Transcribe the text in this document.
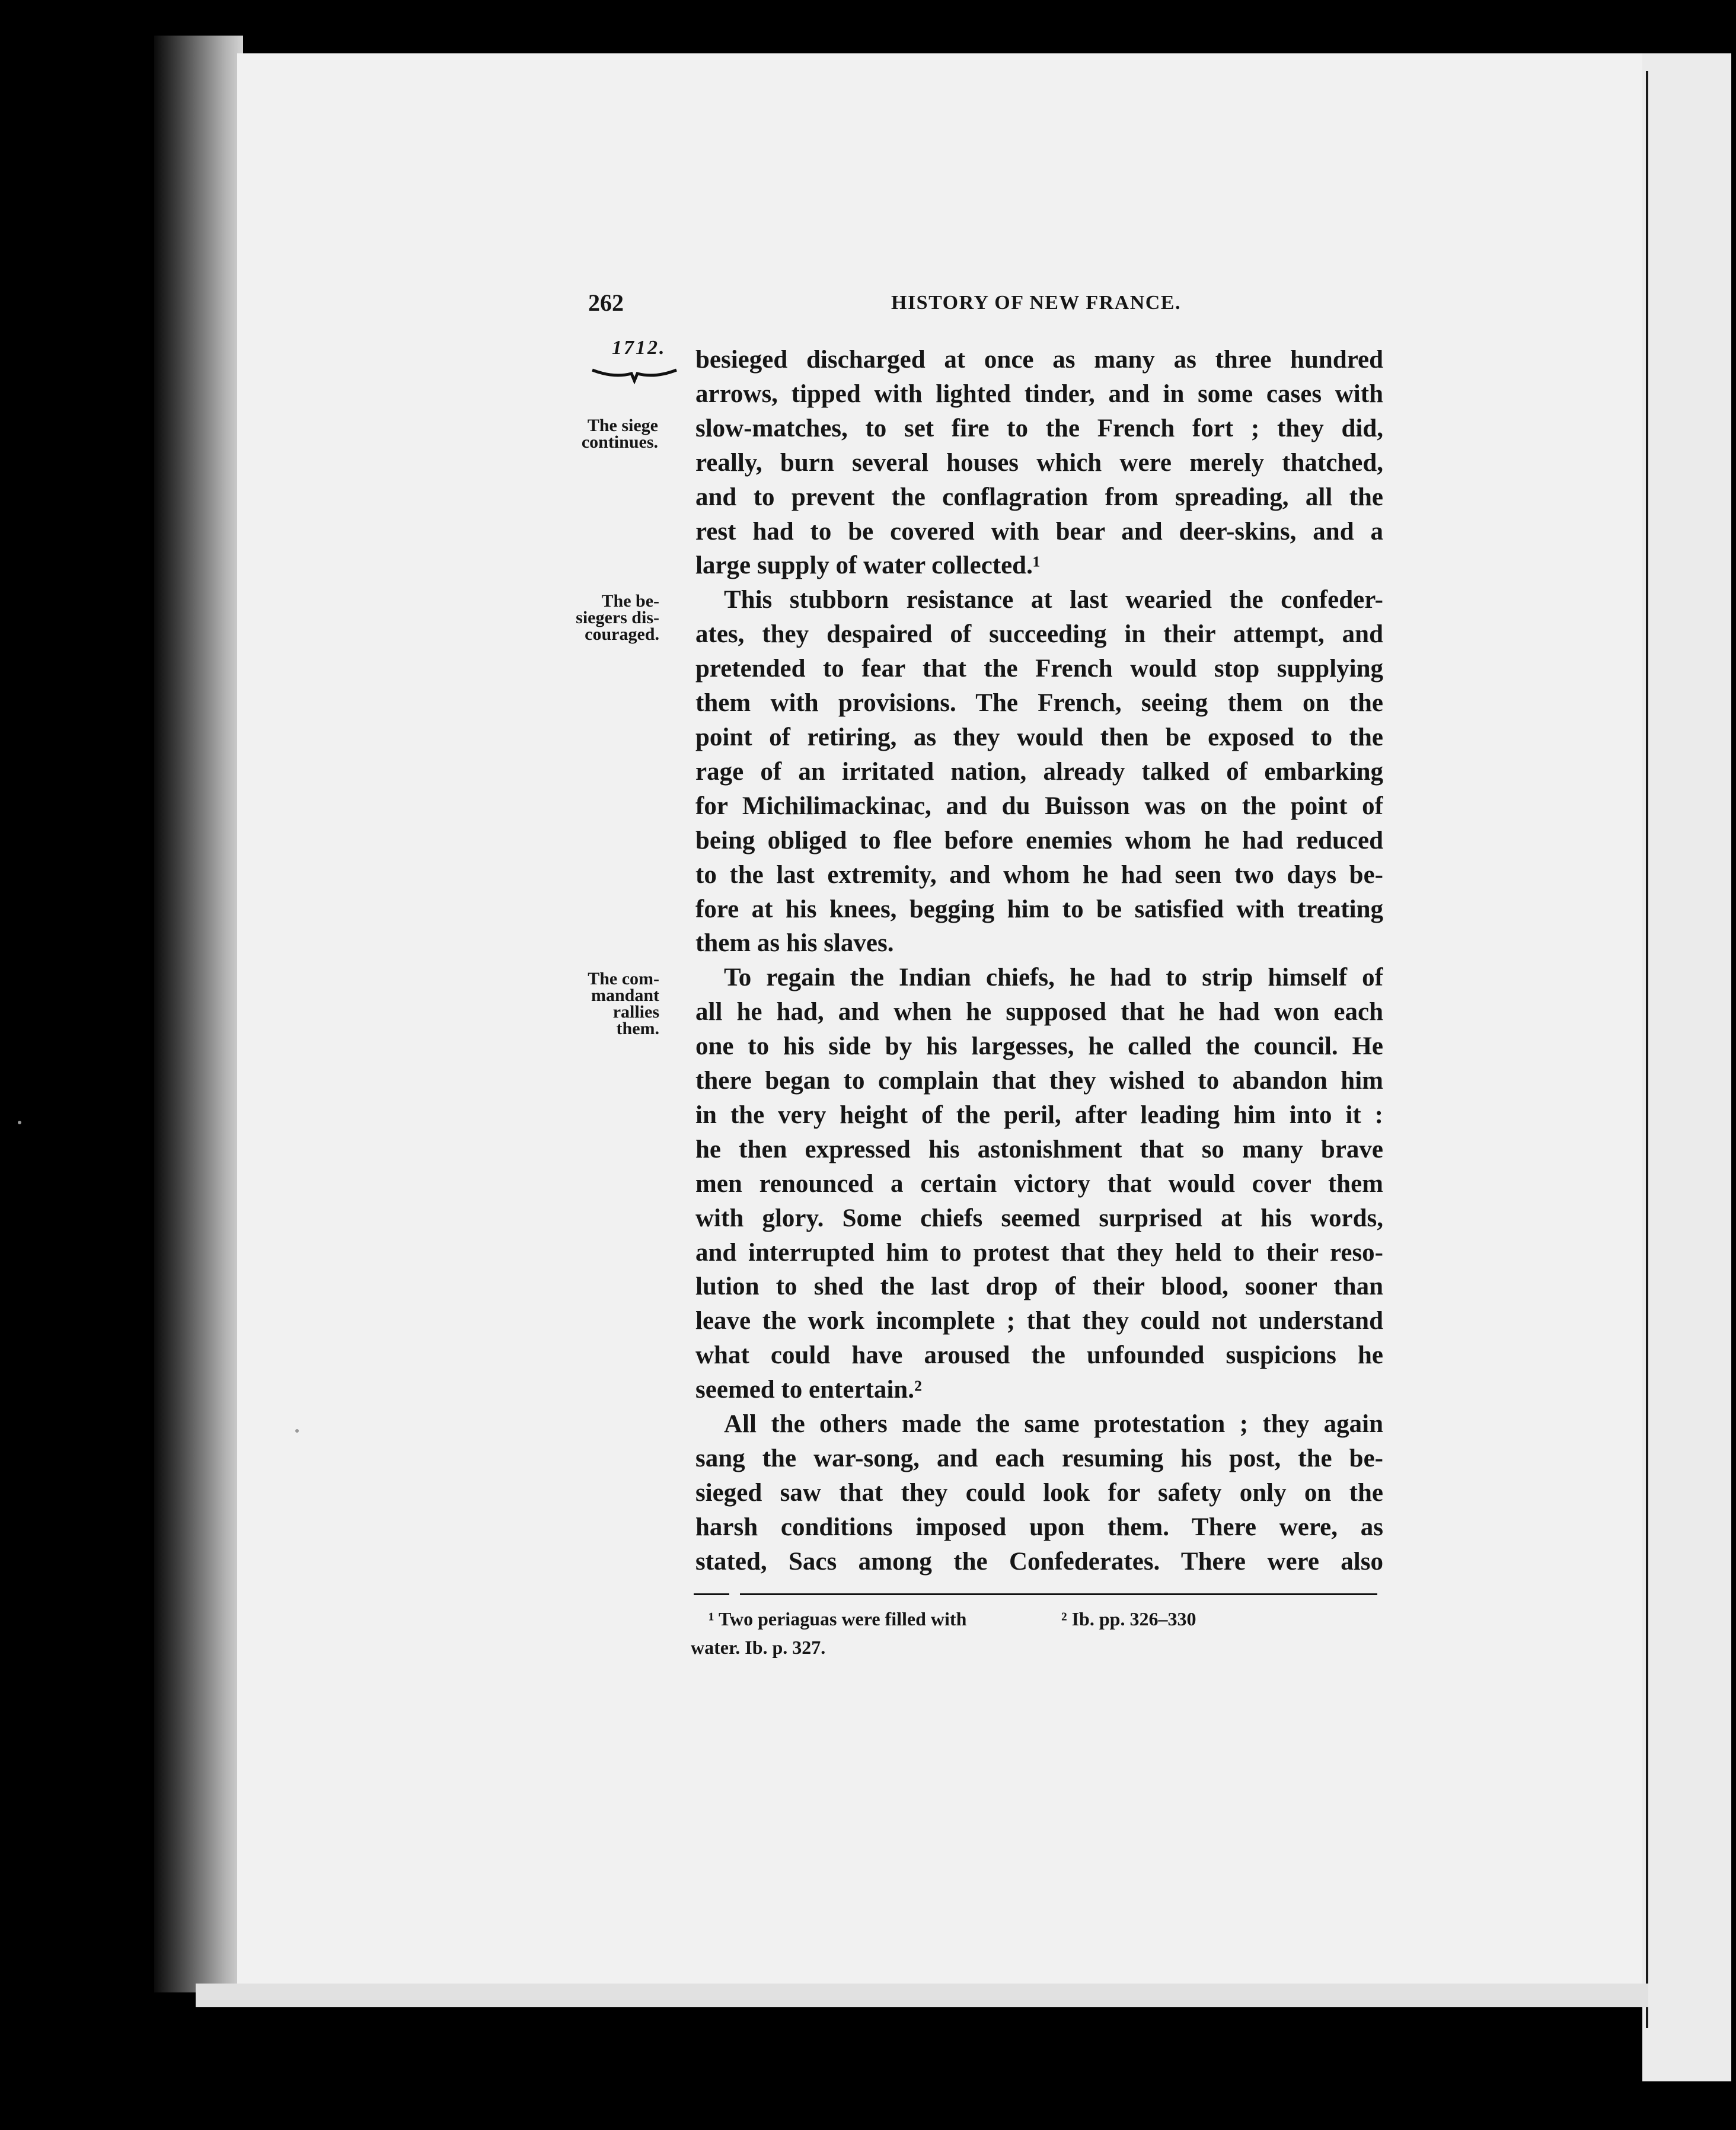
262	HISTORY OF NEW FRANCE.
1712.
The siege
continues.
The be-
siegers dis-
couraged.
The com-
mandant
rallies
them.
besieged discharged at once as many as three hundred
arrows, tipped with lighted tinder, and in some cases with
slow-matches, to set fire to the French fort ; they did,
really, burn several houses which were merely thatched,
and to prevent the conflagration from spreading, all the
rest had to be covered with bear and deer-skins, and a
large supply of water collected.¹
This stubborn resistance at last wearied the confeder-
ates, they despaired of succeeding in their attempt, and
pretended to fear that the French would stop supplying
them with provisions. The French, seeing them on the
point of retiring, as they would then be exposed to the
rage of an irritated nation, already talked of embarking
for Michilimackinac, and du Buisson was on the point of
being obliged to flee before enemies whom he had reduced
to the last extremity, and whom he had seen two days be-
fore at his knees, begging him to be satisfied with treating
them as his slaves.
To regain the Indian chiefs, he had to strip himself of
all he had, and when he supposed that he had won each
one to his side by his largesses, he called the council. He
there began to complain that they wished to abandon him
in the very height of the peril, after leading him into it :
he then expressed his astonishment that so many brave
men renounced a certain victory that would cover them
with glory. Some chiefs seemed surprised at his words,
and interrupted him to protest that they held to their reso-
lution to shed the last drop of their blood, sooner than
leave the work incomplete ; that they could not understand
what could have aroused the unfounded suspicions he
seemed to entertain.²
All the others made the same protestation ; they again
sang the war-song, and each resuming his post, the be-
sieged saw that they could look for safety only on the
harsh conditions imposed upon them. There were, as
stated, Sacs among the Confederates. There were also
¹ Two periaguas were filled with
water. Ib. p. 327.
² Ib. pp. 326–330
